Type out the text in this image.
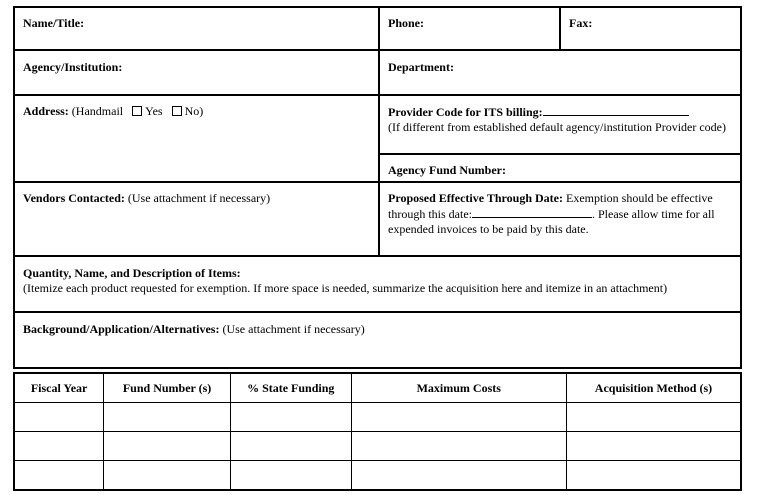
Name/Title:	Phone:	Fax:
Agency/Institution:	Department:
Address: (Handmail Yes No)	Provider Code for ITS billing:
(If different from established default agency/institution Provider code)
Agency Fund Number:
Vendors Contacted: (Use attachment if necessary)	Proposed Effective Through Date: Exemption should be effective through this date:	. Please allow time for all expended invoices to be paid by this date.
Quantity, Name, and Description of Items:
(Itemize each product requested for exemption. If more space is needed, summarize the acquisition here and itemize in an attachment)
Background/Application/Alternatives: (Use attachment if necessary)
Fiscal Year	Fund Number (s)	% State Funding	Maximum Costs	Acquisition Method (s)
